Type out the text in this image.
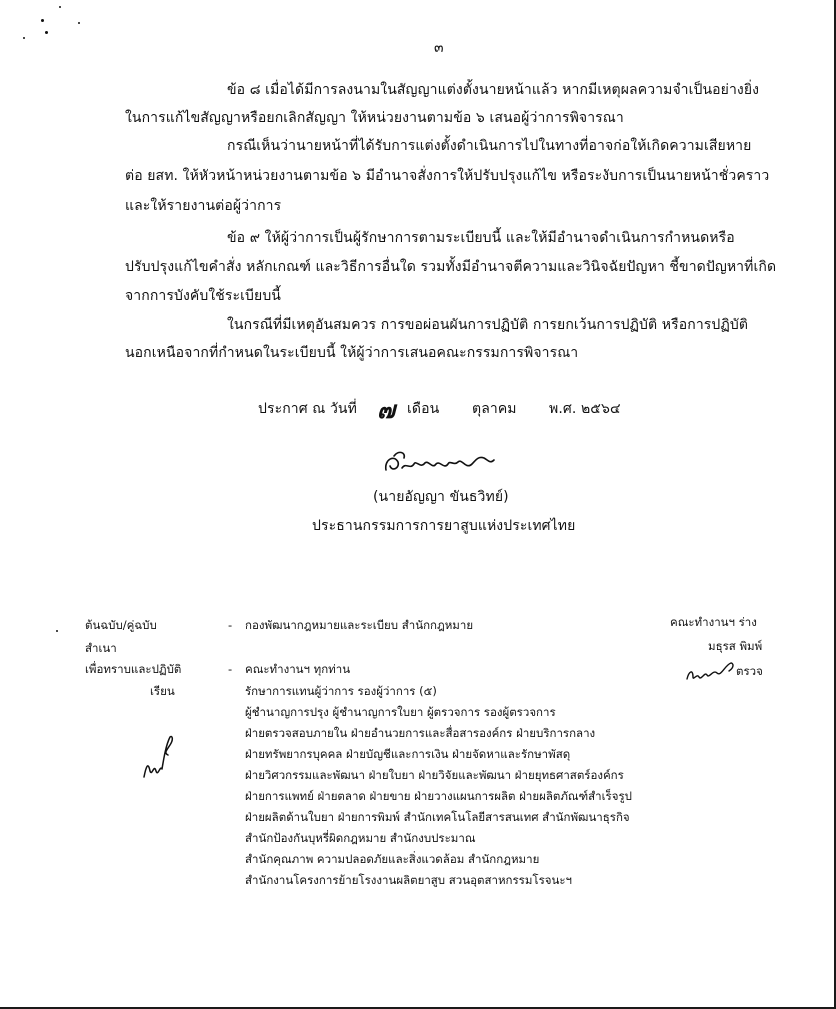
๓
ข้อ ๘ เมื่อได้มีการลงนามในสัญญาแต่งตั้งนายหน้าแล้ว หากมีเหตุผลความจำเป็นอย่างยิ่ง
ในการแก้ไขสัญญาหรือยกเลิกสัญญา ให้หน่วยงานตามข้อ ๖ เสนอผู้ว่าการพิจารณา
กรณีเห็นว่านายหน้าที่ได้รับการแต่งตั้งดำเนินการไปในทางที่อาจก่อให้เกิดความเสียหาย
ต่อ ยสท. ให้หัวหน้าหน่วยงานตามข้อ ๖ มีอำนาจสั่งการให้ปรับปรุงแก้ไข หรือระงับการเป็นนายหน้าชั่วคราว
และให้รายงานต่อผู้ว่าการ
ข้อ ๙ ให้ผู้ว่าการเป็นผู้รักษาการตามระเบียบนี้ และให้มีอำนาจดำเนินการกำหนดหรือ
ปรับปรุงแก้ไขคำสั่ง หลักเกณฑ์ และวิธีการอื่นใด รวมทั้งมีอำนาจตีความและวินิจฉัยปัญหา ชี้ขาดปัญหาที่เกิด
จากการบังคับใช้ระเบียบนี้
ในกรณีที่มีเหตุอันสมควร การขอผ่อนผันการปฏิบัติ การยกเว้นการปฏิบัติ หรือการปฏิบัติ
นอกเหนือจากที่กำหนดในระเบียบนี้ ให้ผู้ว่าการเสนอคณะกรรมการพิจารณา
ประกาศ ณ วันที่ ๗ เดือน ตุลาคม พ.ศ. ๒๕๖๔
(นายอัญญา ขันธวิทย์)
ประธานกรรมการการยาสูบแห่งประเทศไทย
ต้นฉบับ/คู่ฉบับ
สำเนา
เพื่อทราบและปฏิบัติ
เรียน
-
-
กองพัฒนากฎหมายและระเบียบ สำนักกฎหมาย
คณะทำงานฯ ทุกท่าน
รักษาการแทนผู้ว่าการ รองผู้ว่าการ (๕)
ผู้ชำนาญการปรุง ผู้ชำนาญการใบยา ผู้ตรวจการ รองผู้ตรวจการ
ฝ่ายตรวจสอบภายใน ฝ่ายอำนวยการและสื่อสารองค์กร ฝ่ายบริการกลาง
ฝ่ายทรัพยากรบุคคล ฝ่ายบัญชีและการเงิน ฝ่ายจัดหาและรักษาพัสดุ
ฝ่ายวิศวกรรมและพัฒนา ฝ่ายใบยา ฝ่ายวิจัยและพัฒนา ฝ่ายยุทธศาสตร์องค์กร
ฝ่ายการแพทย์ ฝ่ายตลาด ฝ่ายขาย ฝ่ายวางแผนการผลิต ฝ่ายผลิตภัณฑ์สำเร็จรูป
ฝ่ายผลิตด้านใบยา ฝ่ายการพิมพ์ สำนักเทคโนโลยีสารสนเทศ สำนักพัฒนาธุรกิจ
สำนักป้องกันบุหรี่ผิดกฎหมาย สำนักงบประมาณ
สำนักคุณภาพ ความปลอดภัยและสิ่งแวดล้อม สำนักกฎหมาย
สำนักงานโครงการย้ายโรงงานผลิตยาสูบ สวนอุตสาหกรรมโรจนะฯ
คณะทำงานฯ ร่าง
มธุรส พิมพ์
ตรวจ
